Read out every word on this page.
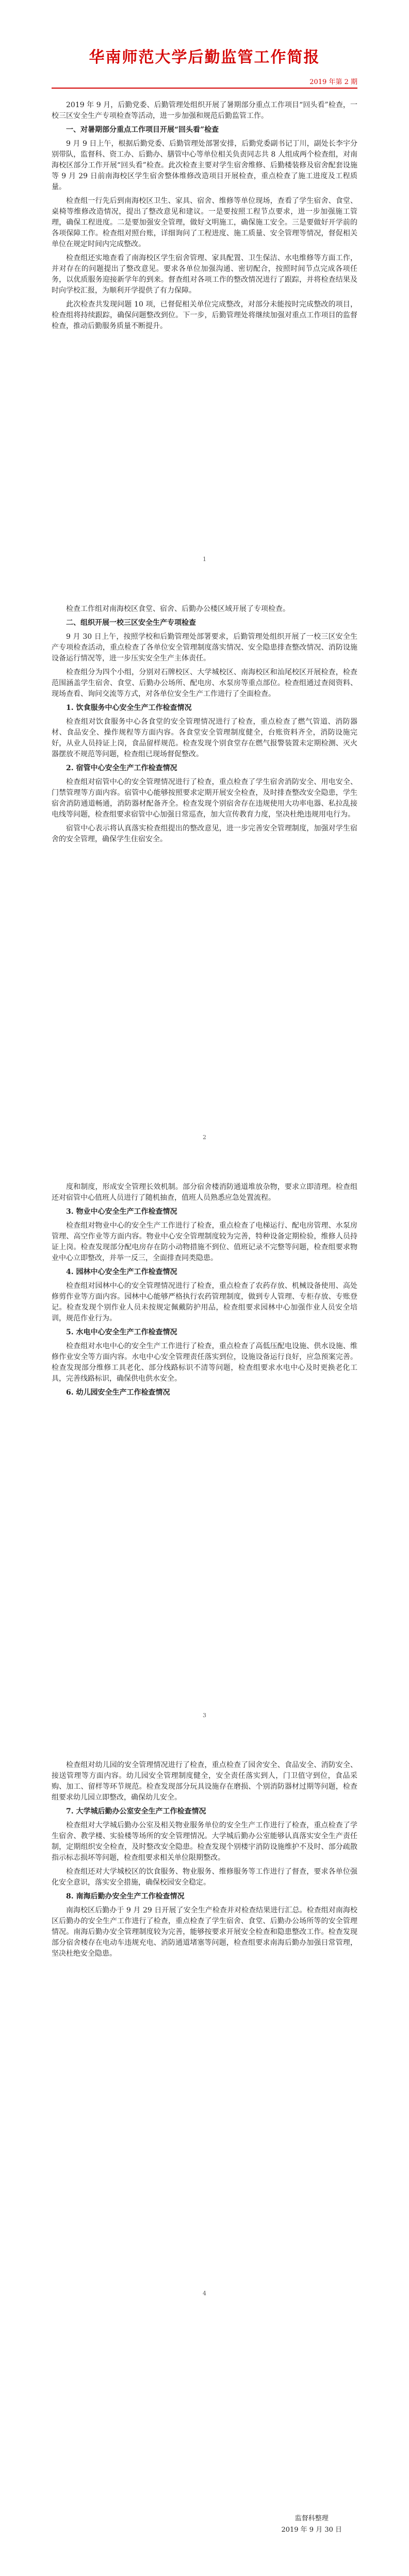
华南师范大学后勤监管工作简报
2019 年第 2 期

2019 年 9 月，后勤党委、后勤管理处组织开展了暑期部分重点工作项目“回头看”检查，一校三区安全生产专项检查等活动，进一步加强和规范后勤监管工作。

一、对暑期部分重点工作项目开展“回头看”检查

9 月 9 日上午，根据后勤党委、后勤管理处部署安排，后勤党委副书记丁川，副处长李宇分别带队，监督科、资工办、后勤办、膳管中心等单位相关负责同志共 8 人组成两个检查组，对南海校区部分工作开展“回头看”检查。此次检查主要对学生宿舍维修、后勤楼装修及宿舍配套设施等 9 月 29 日前南海校区学生宿舍整体维修改造项目开展检查，重点检查了施工进度及工程质量。

检查组一行先后到南海校区卫生、家具、宿舍、维修等单位现场，查看了学生宿舍、食堂、桌椅等维修改造情况，提出了整改意见和建议。一是要按照工程节点要求，进一步加强施工管理，确保工程进度。二是要加强安全管理，做好文明施工，确保施工安全。三是要做好开学前的各项保障工作。检查组对照台账，详细询问了工程进度、施工质量、安全管理等情况，督促相关单位在规定时间内完成整改。

检查组还实地查看了南海校区学生宿舍管理、家具配置、卫生保洁、水电维修等方面工作，并对存在的问题提出了整改意见。要求各单位加强沟通、密切配合，按照时间节点完成各项任务，以优质服务迎接新学年的到来。督查组对各项工作的整改情况进行了跟踪，并将检查结果及时向学校汇报，为顺利开学提供了有力保障。

此次检查共发现问题 10 项，已督促相关单位完成整改，对部分未能按时完成整改的项目，检查组将持续跟踪，确保问题整改到位。下一步，后勤管理处将继续加强对重点工作项目的监督检查，推动后勤服务质量不断提升。

1

检查工作组对南海校区食堂、宿舍、后勤办公楼区域开展了专项检查。

二、组织开展一校三区安全生产专项检查

9 月 30 日上午，按照学校和后勤管理处部署要求，后勤管理处组织开展了一校三区安全生产专项检查活动，重点检查了各单位安全管理制度落实情况、安全隐患排查整改情况、消防设施设备运行情况等，进一步压实安全生产主体责任。

检查组分为四个小组，分别对石牌校区、大学城校区、南海校区和汕尾校区开展检查，检查范围涵盖学生宿舍、食堂、后勤办公场所、配电房、水泵房等重点部位。检查组通过查阅资料、现场查看、询问交流等方式，对各单位安全生产工作进行了全面检查。

1. 饮食服务中心安全生产工作检查情况

检查组对饮食服务中心各食堂的安全管理情况进行了检查，重点检查了燃气管道、消防器材、食品安全、操作规程等方面内容。各食堂安全管理制度健全，台账资料齐全，消防设施完好，从业人员持证上岗，食品留样规范。检查发现个别食堂存在燃气报警装置未定期检测、灭火器摆放不规范等问题，检查组已现场督促整改。

2. 宿管中心安全生产工作检查情况

检查组对宿管中心的安全管理情况进行了检查，重点检查了学生宿舍消防安全、用电安全、门禁管理等方面内容。宿管中心能够按照要求定期开展安全检查，及时排查整改安全隐患，学生宿舍消防通道畅通，消防器材配备齐全。检查发现个别宿舍存在违规使用大功率电器、私拉乱接电线等问题，检查组要求宿管中心加强日常巡查，加大宣传教育力度，坚决杜绝违规用电行为。

宿管中心表示将认真落实检查组提出的整改意见，进一步完善安全管理制度，加强对学生宿舍的安全管理，确保学生住宿安全。

2

度和制度，形成安全管理长效机制。部分宿舍楼消防通道堆放杂物，要求立即清理。检查组还对宿管中心值班人员进行了随机抽查，值班人员熟悉应急处置流程。

3. 物业中心安全生产工作检查情况

检查组对物业中心的安全生产工作进行了检查，重点检查了电梯运行、配电房管理、水泵房管理、高空作业等方面内容。物业中心安全管理制度较为完善，特种设备定期检验，维修人员持证上岗。检查发现部分配电房存在防小动物措施不到位、值班记录不完整等问题，检查组要求物业中心立即整改，并举一反三，全面排查同类隐患。

4. 园林中心安全生产工作检查情况

检查组对园林中心的安全管理情况进行了检查，重点检查了农药存放、机械设备使用、高处修剪作业等方面内容。园林中心能够严格执行农药管理制度，做到专人管理、专柜存放、专账登记。检查发现个别作业人员未按规定佩戴防护用品，检查组要求园林中心加强作业人员安全培训，规范作业行为。

5. 水电中心安全生产工作检查情况

检查组对水电中心的安全生产工作进行了检查，重点检查了高低压配电设施、供水设施、维修作业安全等方面内容。水电中心安全管理责任落实到位，设施设备运行良好，应急预案完善。检查发现部分维修工具老化、部分线路标识不清等问题，检查组要求水电中心及时更换老化工具，完善线路标识，确保供电供水安全。

6. 幼儿园安全生产工作检查情况

3

检查组对幼儿园的安全管理情况进行了检查，重点检查了园舍安全、食品安全、消防安全、接送管理等方面内容。幼儿园安全管理制度健全，安全责任落实到人，门卫值守到位，食品采购、加工、留样等环节规范。检查发现部分玩具设施存在磨损、个别消防器材过期等问题，检查组要求幼儿园立即整改，确保幼儿安全。

7. 大学城后勤办公室安全生产工作检查情况

检查组对大学城后勤办公室及相关物业服务单位的安全生产工作进行了检查，重点检查了学生宿舍、教学楼、实验楼等场所的安全管理情况。大学城后勤办公室能够认真落实安全生产责任制，定期组织安全检查，及时整改安全隐患。检查发现个别楼宇消防设施维护不及时、部分疏散指示标志损坏等问题，检查组要求相关单位限期整改。

检查组还对大学城校区的饮食服务、物业服务、维修服务等工作进行了督查，要求各单位强化安全意识，落实安全措施，确保校园安全稳定。

8. 南海后勤办安全生产工作检查情况

南海校区后勤办于 9 月 29 日开展了安全生产检查并对检查结果进行汇总。检查组对南海校区后勤办的安全生产工作进行了检查，重点检查了学生宿舍、食堂、后勤办公场所等的安全管理情况。南海后勤办安全管理制度较为完善，能够按要求开展安全检查和隐患整改工作。检查发现部分宿舍楼存在电动车违规充电、消防通道堵塞等问题，检查组要求南海后勤办加强日常管理，坚决杜绝安全隐患。

4
监督科整理
2019 年 9 月 30 日
